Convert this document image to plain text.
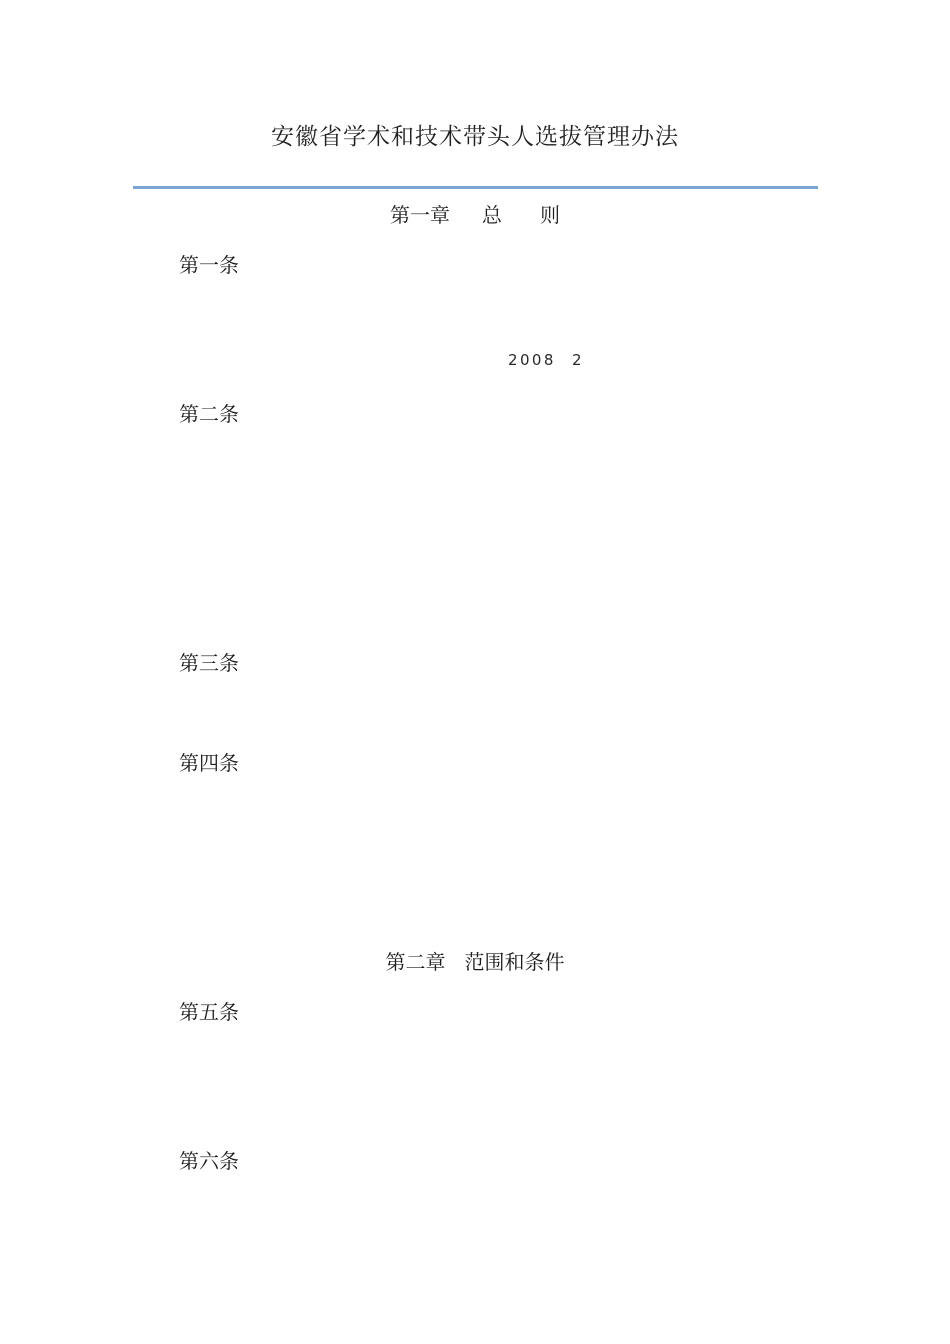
安徽省学术和技术带头人选拔管理办法
第一章     总      则
第一条
2008 2
第二条
第三条
第四条
第二章   范围和条件
第五条
第六条
